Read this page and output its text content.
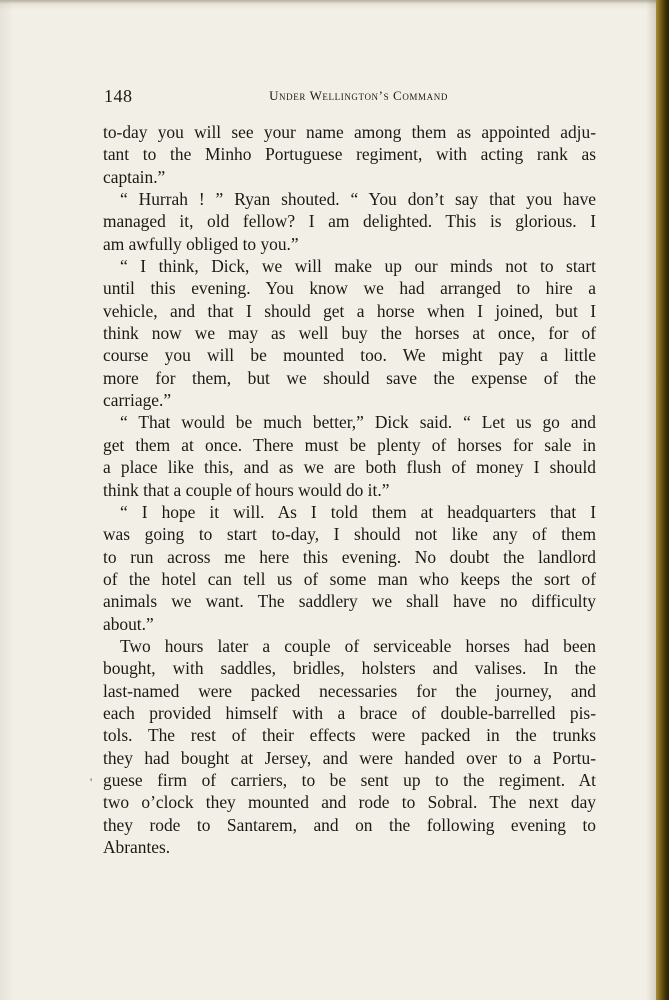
148	Under Wellington’s Command
to-day you will see your name among them as appointed adju-
tant to the Minho Portuguese regiment, with acting rank as
captain.”
“ Hurrah ! ” Ryan shouted. “ You don’t say that you have
managed it, old fellow? I am delighted. This is glorious. I
am awfully obliged to you.”
“ I think, Dick, we will make up our minds not to start
until this evening. You know we had arranged to hire a
vehicle, and that I should get a horse when I joined, but I
think now we may as well buy the horses at once, for of
course you will be mounted too. We might pay a little
more for them, but we should save the expense of the
carriage.”
“ That would be much better,” Dick said. “ Let us go and
get them at once. There must be plenty of horses for sale in
a place like this, and as we are both flush of money I should
think that a couple of hours would do it.”
“ I hope it will. As I told them at headquarters that I
was going to start to-day, I should not like any of them
to run across me here this evening. No doubt the landlord
of the hotel can tell us of some man who keeps the sort of
animals we want. The saddlery we shall have no difficulty
about.”
Two hours later a couple of serviceable horses had been
bought, with saddles, bridles, holsters and valises. In the
last-named were packed necessaries for the journey, and
each provided himself with a brace of double-barrelled pis-
tols. The rest of their effects were packed in the trunks
they had bought at Jersey, and were handed over to a Portu-
guese firm of carriers, to be sent up to the regiment. At
two o’clock they mounted and rode to Sobral. The next day
they rode to Santarem, and on the following evening to
Abrantes.
'
